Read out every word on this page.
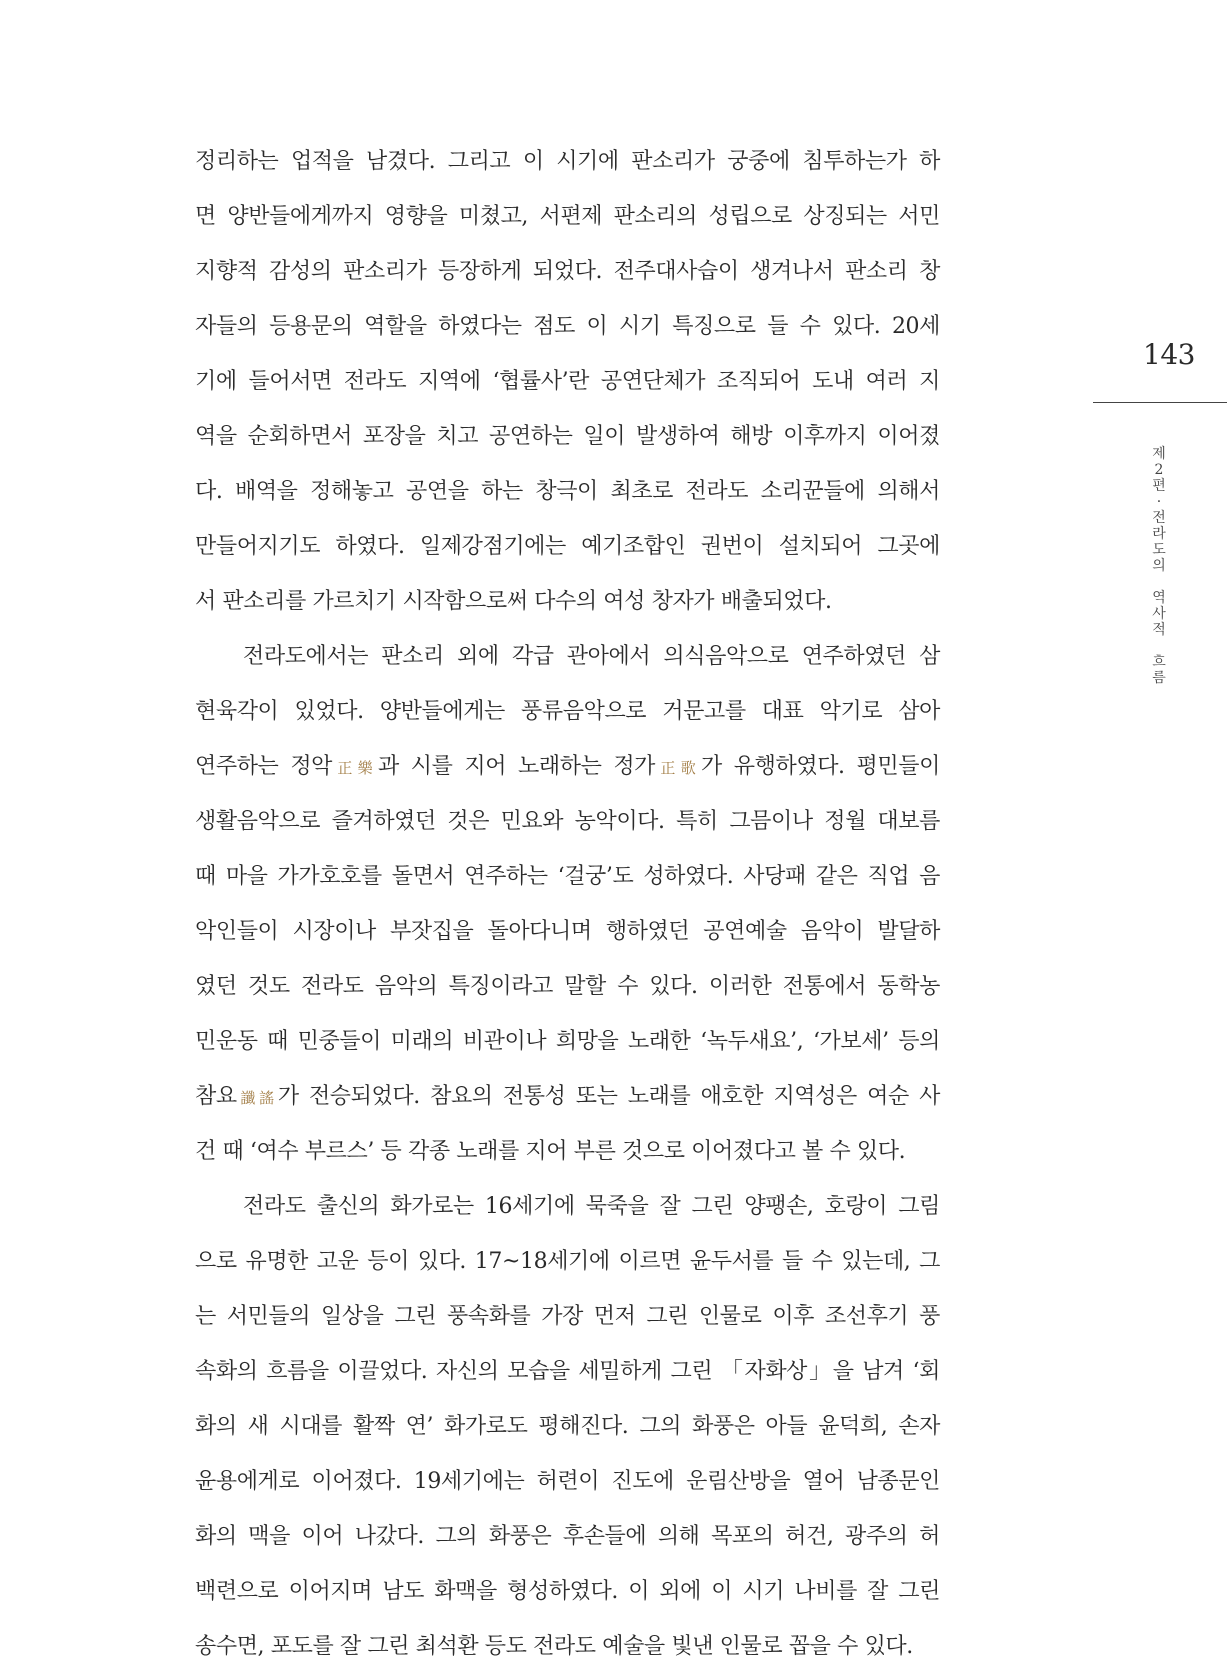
정리하는 업적을 남겼다. 그리고 이 시기에 판소리가 궁중에 침투하는가 하
면 양반들에게까지 영향을 미쳤고, 서편제 판소리의 성립으로 상징되는 서민
지향적 감성의 판소리가 등장하게 되었다. 전주대사습이 생겨나서 판소리 창
자들의 등용문의 역할을 하였다는 점도 이 시기 특징으로 들 수 있다. 20세
기에 들어서면 전라도 지역에 ‘협률사’란 공연단체가 조직되어 도내 여러 지
역을 순회하면서 포장을 치고 공연하는 일이 발생하여 해방 이후까지 이어졌
다. 배역을 정해놓고 공연을 하는 창극이 최초로 전라도 소리꾼들에 의해서
만들어지기도 하였다. 일제강점기에는 예기조합인 권번이 설치되어 그곳에
서 판소리를 가르치기 시작함으로써 다수의 여성 창자가 배출되었다.
전라도에서는 판소리 외에 각급 관아에서 의식음악으로 연주하였던 삼
현육각이 있었다. 양반들에게는 풍류음악으로 거문고를 대표 악기로 삼아
연주하는 정악正樂과 시를 지어 노래하는 정가正歌가 유행하였다. 평민들이
생활음악으로 즐겨하였던 것은 민요와 농악이다. 특히 그믐이나 정월 대보름
때 마을 가가호호를 돌면서 연주하는 ‘걸궁’도 성하였다. 사당패 같은 직업 음
악인들이 시장이나 부잣집을 돌아다니며 행하였던 공연예술 음악이 발달하
였던 것도 전라도 음악의 특징이라고 말할 수 있다. 이러한 전통에서 동학농
민운동 때 민중들이 미래의 비관이나 희망을 노래한 ‘녹두새요’, ‘가보세’ 등의
참요讖謠가 전승되었다. 참요의 전통성 또는 노래를 애호한 지역성은 여순 사
건 때 ‘여수 부르스’ 등 각종 노래를 지어 부른 것으로 이어졌다고 볼 수 있다.
전라도 출신의 화가로는 16세기에 묵죽을 잘 그린 양팽손, 호랑이 그림
으로 유명한 고운 등이 있다. 17~18세기에 이르면 윤두서를 들 수 있는데, 그
는 서민들의 일상을 그린 풍속화를 가장 먼저 그린 인물로 이후 조선후기 풍
속화의 흐름을 이끌었다. 자신의 모습을 세밀하게 그린 「자화상」을 남겨 ‘회
화의 새 시대를 활짝 연’ 화가로도 평해진다. 그의 화풍은 아들 윤덕희, 손자
윤용에게로 이어졌다. 19세기에는 허련이 진도에 운림산방을 열어 남종문인
화의 맥을 이어 나갔다. 그의 화풍은 후손들에 의해 목포의 허건, 광주의 허
백련으로 이어지며 남도 화맥을 형성하였다. 이 외에 이 시기 나비를 잘 그린
송수면, 포도를 잘 그린 최석환 등도 전라도 예술을 빛낸 인물로 꼽을 수 있다.
143
제
2
편
·
전
라
도
의

역
사
적

흐
름
